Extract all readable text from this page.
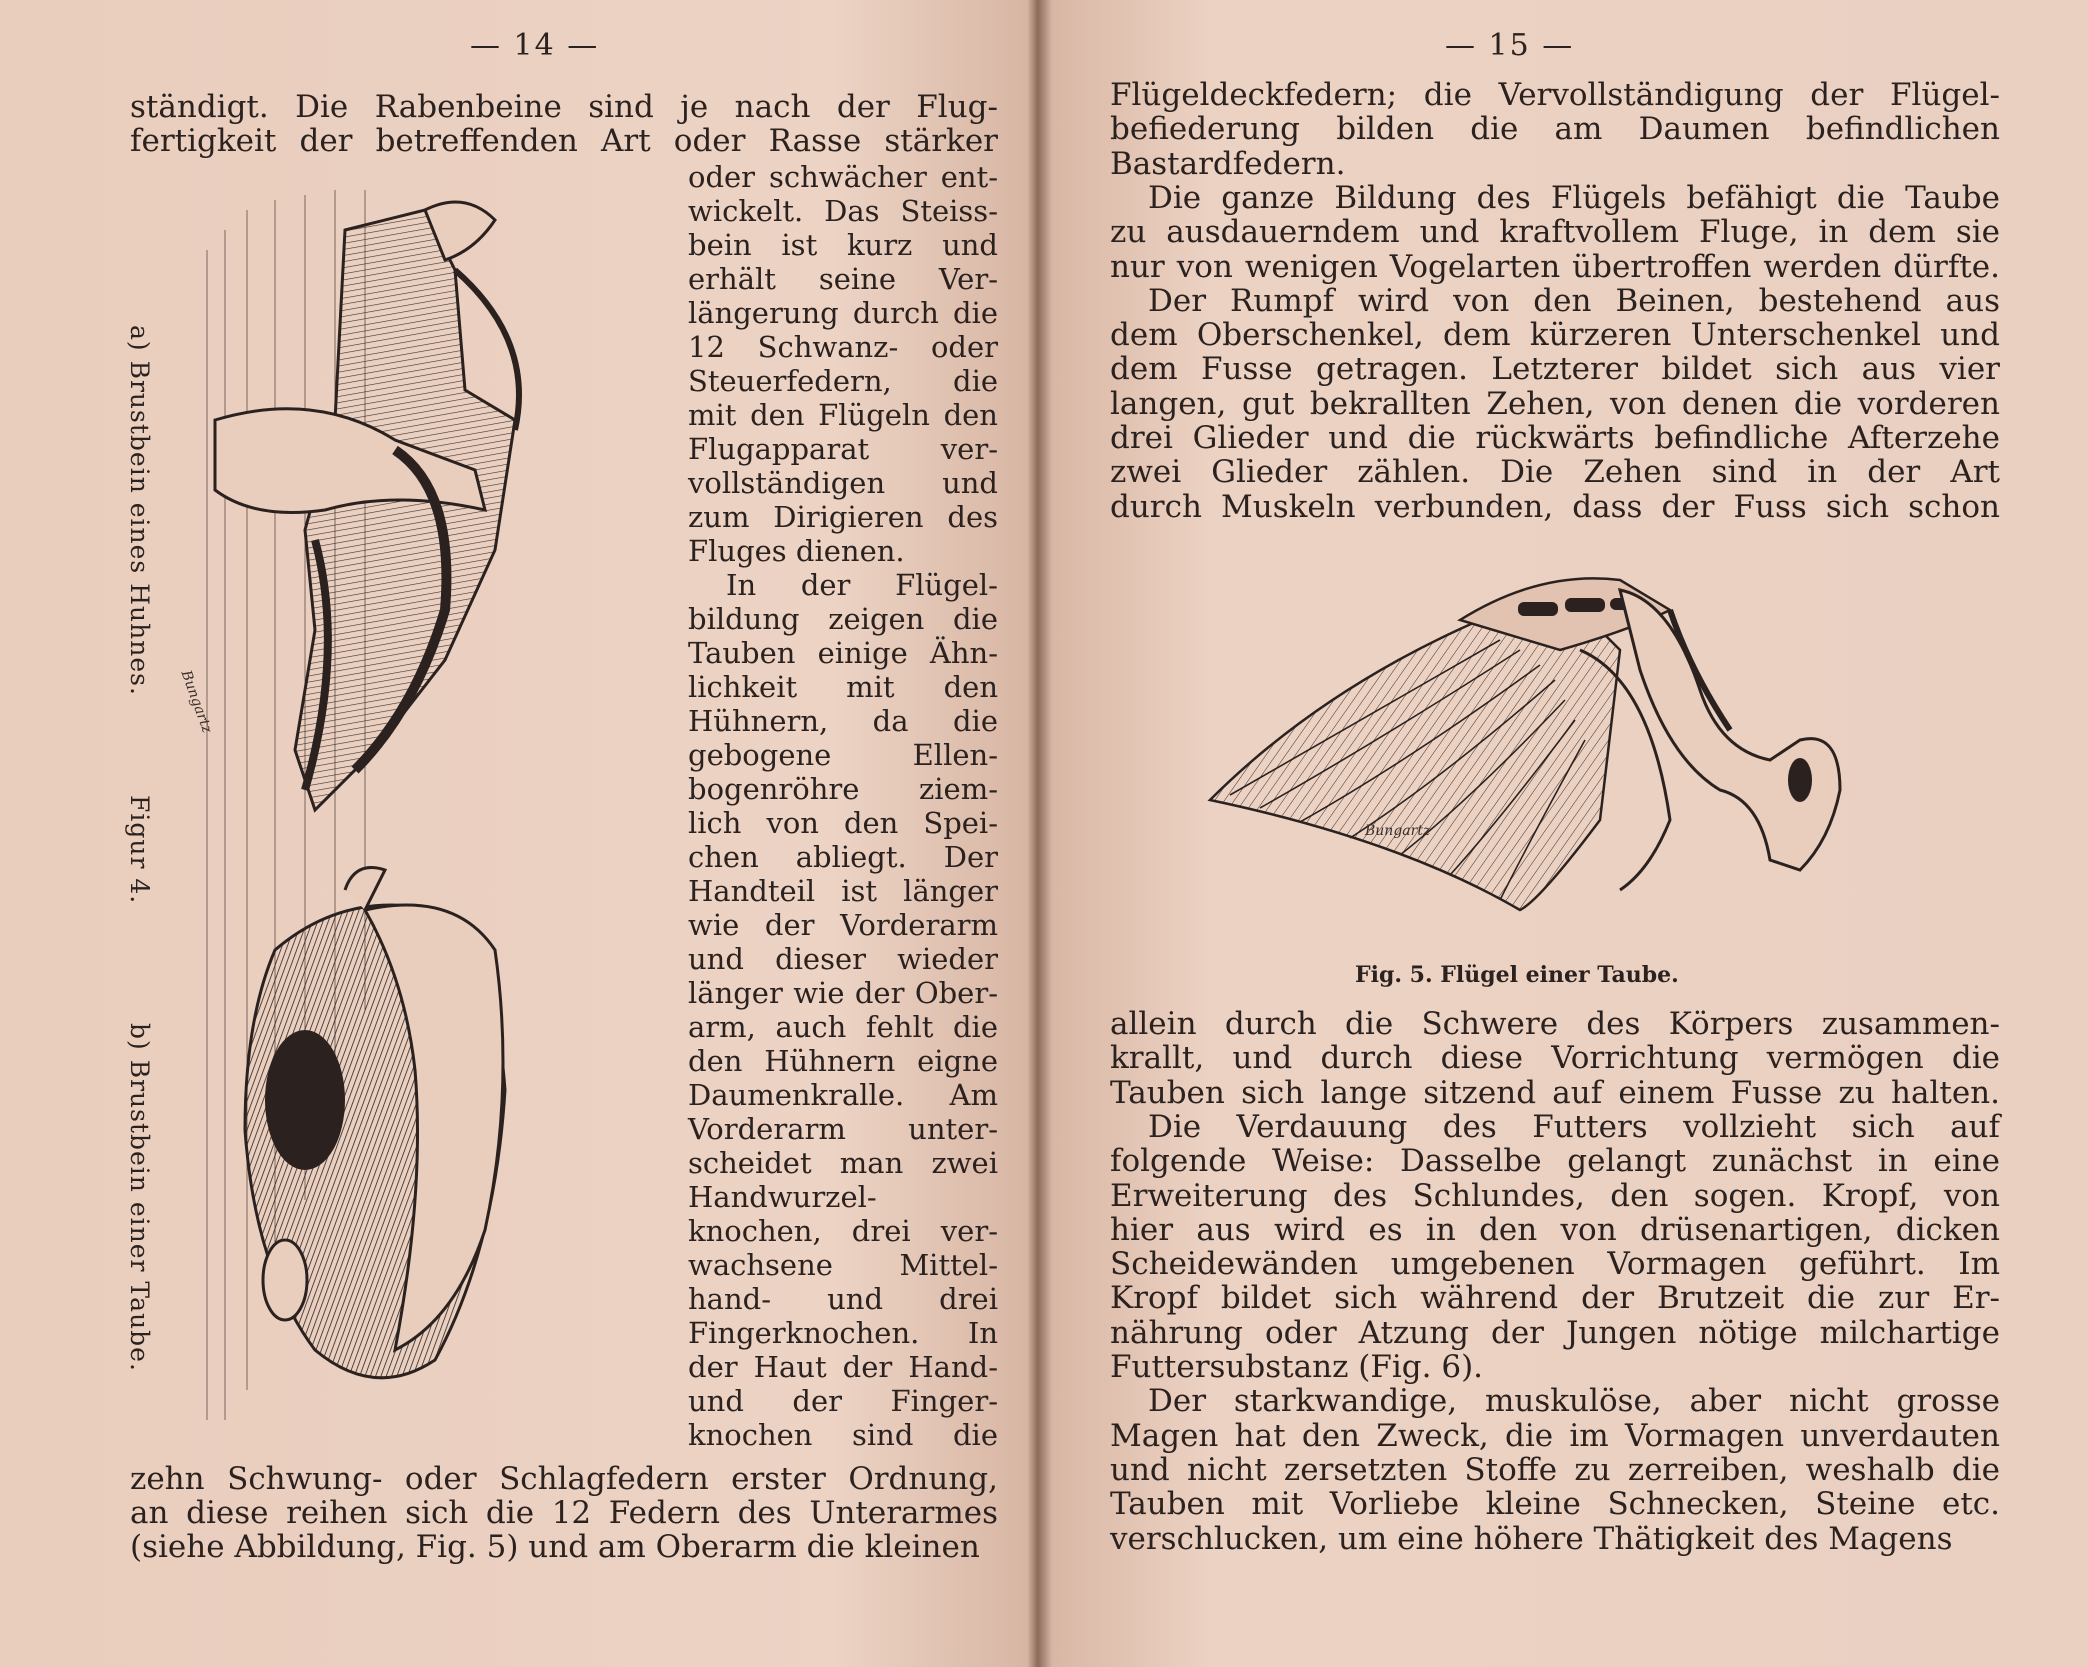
— 14 —
ständigt. Die Rabenbeine sind je nach der Flug-
fertigkeit der betreffenden Art oder Rasse stärker
oder schwächer ent-
wickelt. Das Steiss-
bein ist kurz und
erhält seine Ver-
längerung durch die
12 Schwanz- oder
Steuerfedern, die
mit den Flügeln den
Flugapparat ver-
vollständigen und
zum Dirigieren des
Fluges dienen.
In der Flügel-
bildung zeigen die
Tauben einige Ähn-
lichkeit mit den
Hühnern, da die
gebogene Ellen-
bogenröhre ziem-
lich von den Spei-
chen abliegt. Der
Handteil ist länger
wie der Vorderarm
und dieser wieder
länger wie der Ober-
arm, auch fehlt die
den Hühnern eigne
Daumenkralle. Am
Vorderarm unter-
scheidet man zwei
Handwurzel-
knochen, drei ver-
wachsene Mittel-
hand- und drei
Fingerknochen. In
der Haut der Hand-
und der Finger-
knochen sind die
zehn Schwung- oder Schlagfedern erster Ordnung,
an diese reihen sich die 12 Federn des Unterarmes
(siehe Abbildung, Fig. 5) und am Oberarm die kleinen
a) Brustbein eines Huhnes. Figur 4. b) Brustbein einer Taube.
Bungartz
— 15 —
Flügeldeckfedern; die Vervollständigung der Flügel-
befiederung bilden die am Daumen befindlichen
Bastardfedern.
Die ganze Bildung des Flügels befähigt die Taube
zu ausdauerndem und kraftvollem Fluge, in dem sie
nur von wenigen Vogelarten übertroffen werden dürfte.
Der Rumpf wird von den Beinen, bestehend aus
dem Oberschenkel, dem kürzeren Unterschenkel und
dem Fusse getragen. Letzterer bildet sich aus vier
langen, gut bekrallten Zehen, von denen die vorderen
drei Glieder und die rückwärts befindliche Afterzehe
zwei Glieder zählen. Die Zehen sind in der Art
durch Muskeln verbunden, dass der Fuss sich schon
allein durch die Schwere des Körpers zusammen-
krallt, und durch diese Vorrichtung vermögen die
Tauben sich lange sitzend auf einem Fusse zu halten.
Die Verdauung des Futters vollzieht sich auf
folgende Weise: Dasselbe gelangt zunächst in eine
Erweiterung des Schlundes, den sogen. Kropf, von
hier aus wird es in den von drüsenartigen, dicken
Scheidewänden umgebenen Vormagen geführt. Im
Kropf bildet sich während der Brutzeit die zur Er-
nährung oder Atzung der Jungen nötige milchartige
Futtersubstanz (Fig. 6).
Der starkwandige, muskulöse, aber nicht grosse
Magen hat den Zweck, die im Vormagen unverdauten
und nicht zersetzten Stoffe zu zerreiben, weshalb die
Tauben mit Vorliebe kleine Schnecken, Steine etc.
verschlucken, um eine höhere Thätigkeit des Magens
Bungartz
Fig. 5. Flügel einer Taube.
